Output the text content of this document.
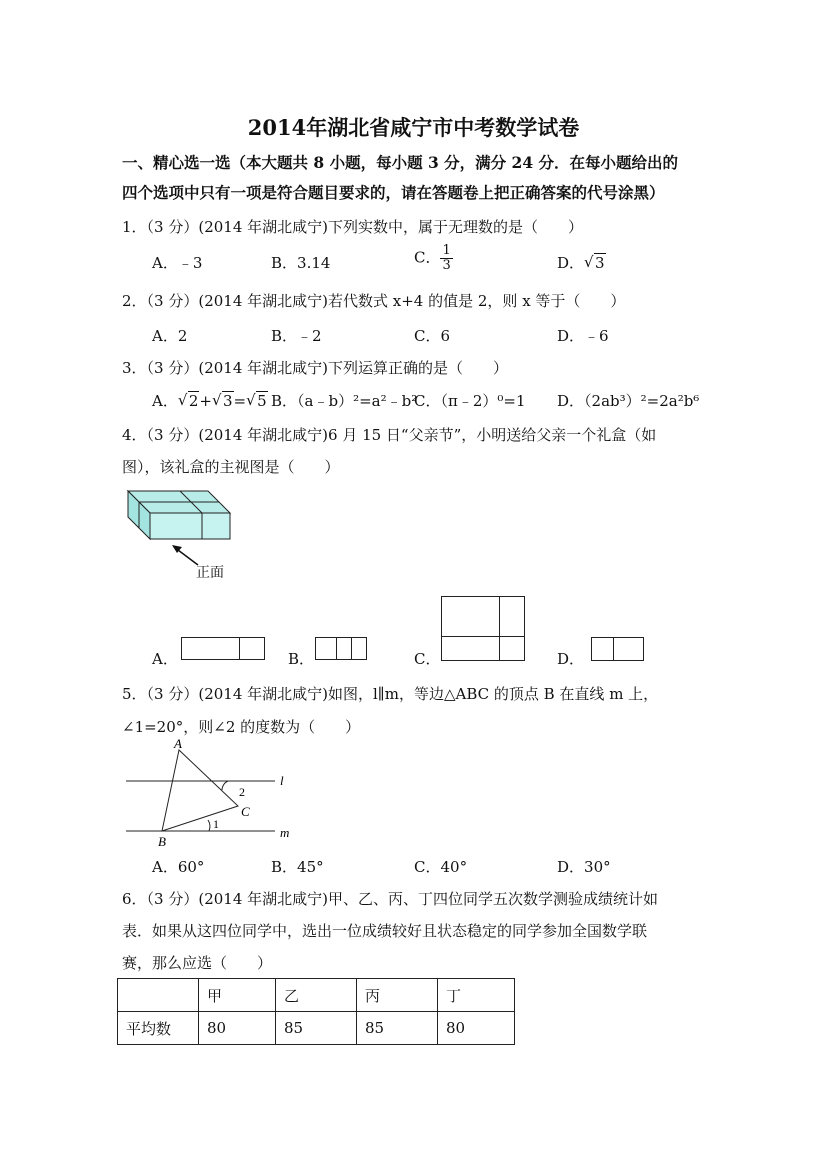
2014年湖北省咸宁市中考数学试卷
一、精心选一选（本大题共 8 小题，每小题 3 分，满分 24 分．在每小题给出的
四个选项中只有一项是符合题目要求的，请在答题卷上把正确答案的代号涂黑）
1．（3 分）(2014 年湖北咸宁)下列实数中，属于无理数的是（　　）
A．﹣3	B．3.14	C． $\frac{1}{3}$	D． √ 3
2．（3 分）(2014 年湖北咸宁)若代数式 x+4 的值是 2，则 x 等于（　　）
A．2	B．﹣2	C．6	D．﹣6
3．（3 分）(2014 年湖北咸宁)下列运算正确的是（　　）
A． √ 2+ √ 3= √ 5 B．（a﹣b）²=a²﹣b²
C．（π﹣2）⁰=1 D．（2ab³）²=2a²b⁶
4．（3 分）(2014 年湖北咸宁)6 月 15 日“父亲节”，小明送给父亲一个礼盒（如
图），该礼盒的主视图是（　　）
正面
A．	B．	C．	D．
5．（3 分）(2014 年湖北咸宁)如图，l∥m，等边△ABC 的顶点 B 在直线 m 上，
∠1=20°，则∠2 的度数为（　　）
A
B
C
l
m
1
2
A．60°	B．45°	C．40°	D．30°
6．（3 分）(2014 年湖北咸宁)甲、乙、丙、丁四位同学五次数学测验成绩统计如
表．如果从这四位同学中，选出一位成绩较好且状态稳定的同学参加全国数学联
赛，那么应选（　　）
	甲	乙	丙	丁
平均数	80	85	85	80
